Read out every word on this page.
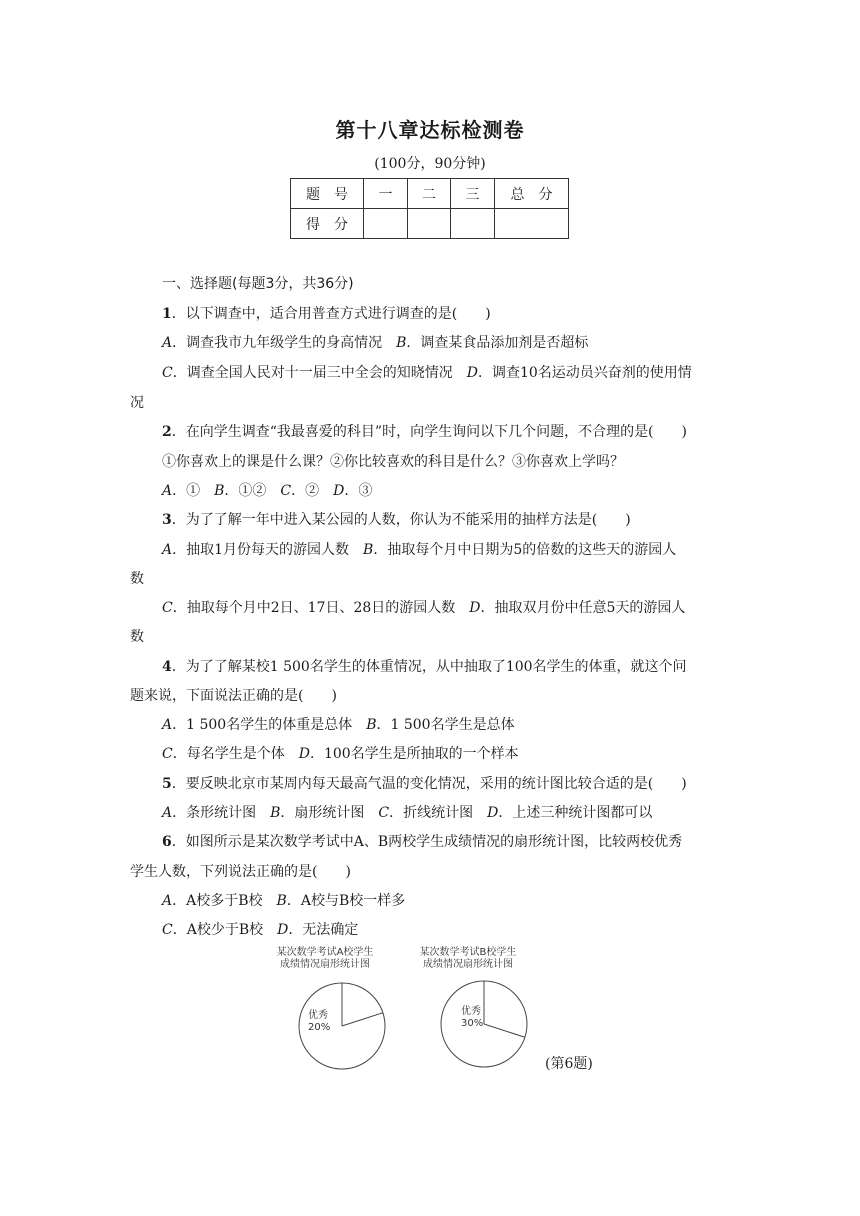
第十八章达标检测卷
(100分，90分钟)
题　号	一	二	三	总　分
得　分				
一、选择题(每题3分，共36分)
1．以下调查中，适合用普查方式进行调查的是(　　)
A．调查我市九年级学生的身高情况　B．调查某食品添加剂是否超标
C．调查全国人民对十一届三中全会的知晓情况　D．调查10名运动员兴奋剂的使用情
况
2．在向学生调查“我最喜爱的科目”时，向学生询问以下几个问题，不合理的是(　　)
①你喜欢上的课是什么课？②你比较喜欢的科目是什么？③你喜欢上学吗？
A．①　B．①②　C．②　D．③
3．为了了解一年中进入某公园的人数，你认为不能采用的抽样方法是(　　)
A．抽取1月份每天的游园人数　B．抽取每个月中日期为5的倍数的这些天的游园人
数
C．抽取每个月中2日、17日、28日的游园人数　D．抽取双月份中任意5天的游园人
数
4．为了了解某校1 500名学生的体重情况，从中抽取了100名学生的体重，就这个问
题来说，下面说法正确的是(　　)
A．1 500名学生的体重是总体　B．1 500名学生是总体
C．每名学生是个体　D．100名学生是所抽取的一个样本
5．要反映北京市某周内每天最高气温的变化情况，采用的统计图比较合适的是(　　)
A．条形统计图　B．扇形统计图　C．折线统计图　D．上述三种统计图都可以
6．如图所示是某次数学考试中A、B两校学生成绩情况的扇形统计图，比较两校优秀
学生人数，下列说法正确的是(　　)
A．A校多于B校　B．A校与B校一样多
C．A校少于B校　D．无法确定
某次数学考试A校学生
成绩情况扇形统计图
某次数学考试B校学生
成绩情况扇形统计图
优秀
20%
优秀
30%
(第6题)
